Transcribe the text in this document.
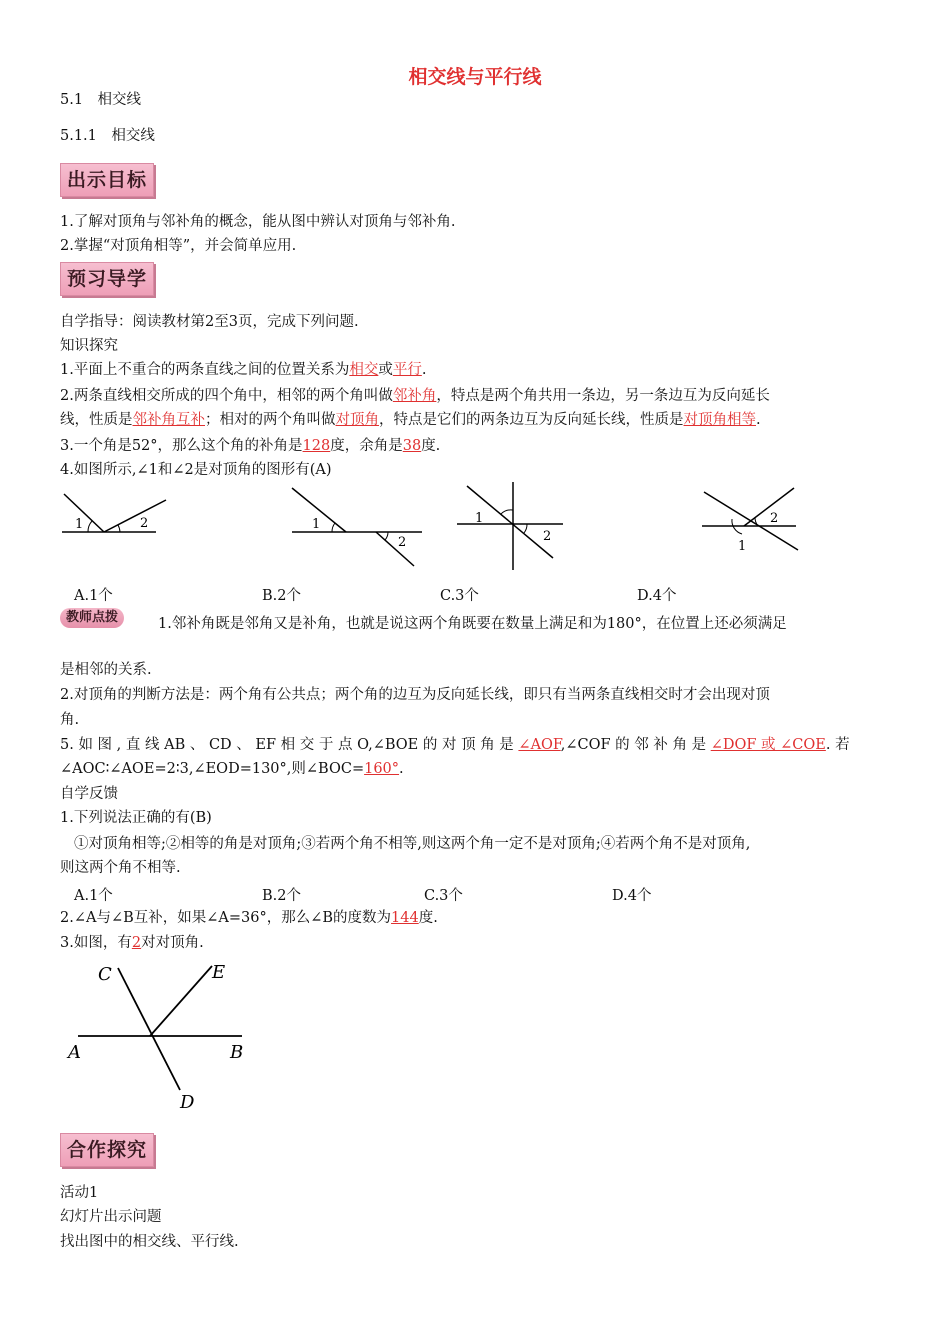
相交线与平行线
5.1　相交线
5.1.1　相交线
出示目标
1.了解对顶角与邻补角的概念，能从图中辨认对顶角与邻补角.
2.掌握“对顶角相等”，并会简单应用.
预习导学
自学指导：阅读教材第2至3页，完成下列问题.
知识探究
1.平面上不重合的两条直线之间的位置关系为相交或平行.
2.两条直线相交所成的四个角中，相邻的两个角叫做邻补角，特点是两个角共用一条边，另一条边互为反向延长
线，性质是邻补角互补；相对的两个角叫做对顶角，特点是它们的两条边互为反向延长线，性质是对顶角相等.
3.一个角是52°，那么这个角的补角是128度，余角是38度.
4.如图所示,∠1和∠2是对顶角的图形有(A)
1	2	1
2
1
2
2
1
A.1个	B.2个	C.3个	D.4个
教师点拨	1.邻补角既是邻角又是补角，也就是说这两个角既要在数量上满足和为180°，在位置上还必须满足
是相邻的关系.
2.对顶角的判断方法是：两个角有公共点；两个角的边互为反向延长线，即只有当两条直线相交时才会出现对顶
角.
5. 如 图 , 直 线 AB 、 CD 、 EF 相 交 于 点 O,∠BOE 的 对 顶 角 是 ∠AOF,∠COF 的 邻 补 角 是 ∠DOF 或 ∠COE. 若
∠AOC∶∠AOE=2∶3,∠EOD=130°,则∠BOC=160°.
自学反馈
1.下列说法正确的有(B)
①对顶角相等;②相等的角是对顶角;③若两个角不相等,则这两个角一定不是对顶角;④若两个角不是对顶角,
则这两个角不相等.
A.1个	B.2个	C.3个	D.4个
2.∠A与∠B互补，如果∠A=36°，那么∠B的度数为144度.
3.如图，有2对对顶角.
C	E
A	B
D
合作探究
活动1
幻灯片出示问题
找出图中的相交线、平行线.
